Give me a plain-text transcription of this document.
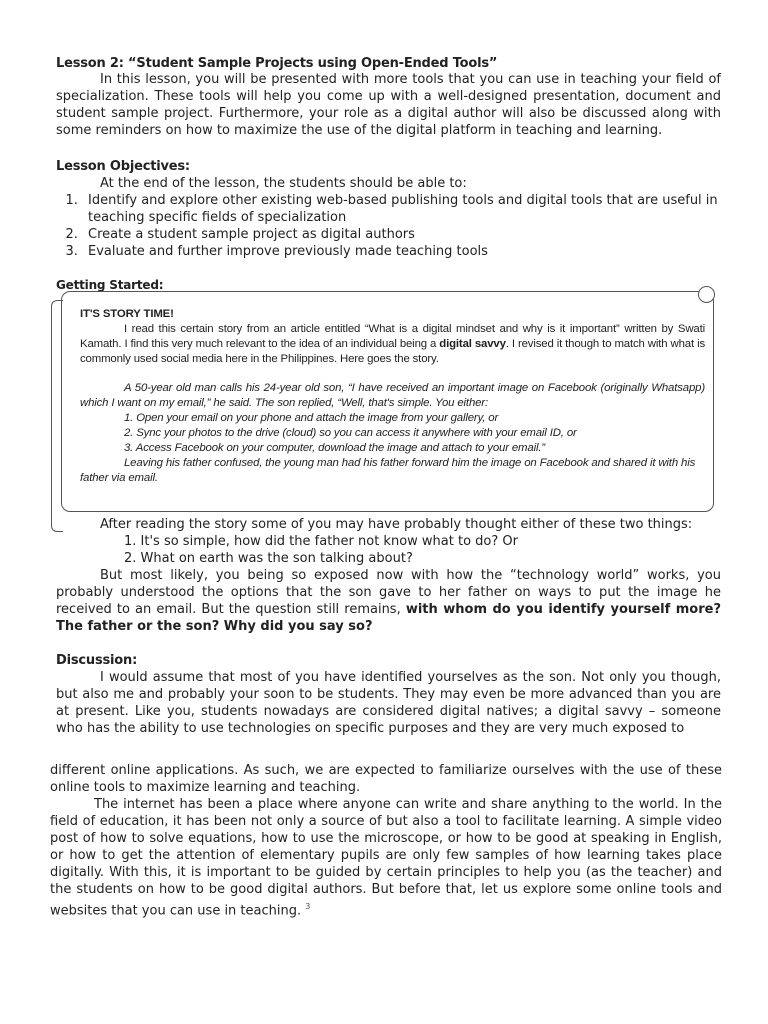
Lesson 2: “Student Sample Projects using Open-Ended Tools”
In this lesson, you will be presented with more tools that you can use in teaching your field of specialization. These tools will help you come up with a well-designed presentation, document and student sample project. Furthermore, your role as a digital author will also be discussed along with some reminders on how to maximize the use of the digital platform in teaching and learning.
Lesson Objectives:
At the end of the lesson, the students should be able to:
1. Identify and explore other existing web-based publishing tools and digital tools that are useful in teaching specific fields of specialization
2. Create a student sample project as digital authors
3. Evaluate and further improve previously made teaching tools
Getting Started:
IT'S STORY TIME!
I read this certain story from an article entitled “What is a digital mindset and why is it important” written by Swati Kamath. I find this very much relevant to the idea of an individual being a digital savvy. I revised it though to match with what is commonly used social media here in the Philippines. Here goes the story.
A 50-year old man calls his 24-year old son, “I have received an important image on Facebook (originally Whatsapp) which I want on my email,” he said. The son replied, “Well, that's simple. You either:
1. Open your email on your phone and attach the image from your gallery, or
2. Sync your photos to the drive (cloud) so you can access it anywhere with your email ID, or
3. Access Facebook on your computer, download the image and attach to your email.”
Leaving his father confused, the young man had his father forward him the image on Facebook and shared it with his father via email.
After reading the story some of you may have probably thought either of these two things:
1. It's so simple, how did the father not know what to do? Or
2. What on earth was the son talking about?
But most likely, you being so exposed now with how the “technology world” works, you probably understood the options that the son gave to her father on ways to put the image he received to an email. But the question still remains, with whom do you identify yourself more? The father or the son? Why did you say so?
Discussion:
I would assume that most of you have identified yourselves as the son. Not only you though, but also me and probably your soon to be students. They may even be more advanced than you are at present. Like you, students nowadays are considered digital natives; a digital savvy – someone who has the ability to use technologies on specific purposes and they are very much exposed to
different online applications. As such, we are expected to familiarize ourselves with the use of these online tools to maximize learning and teaching.
The internet has been a place where anyone can write and share anything to the world. In the field of education, it has been not only a source of but also a tool to facilitate learning. A simple video post of how to solve equations, how to use the microscope, or how to be good at speaking in English, or how to get the attention of elementary pupils are only few samples of how learning takes place digitally. With this, it is important to be guided by certain principles to help you (as the teacher) and the students on how to be good digital authors. But before that, let us explore some online tools and websites that you can use in teaching. $^3$
